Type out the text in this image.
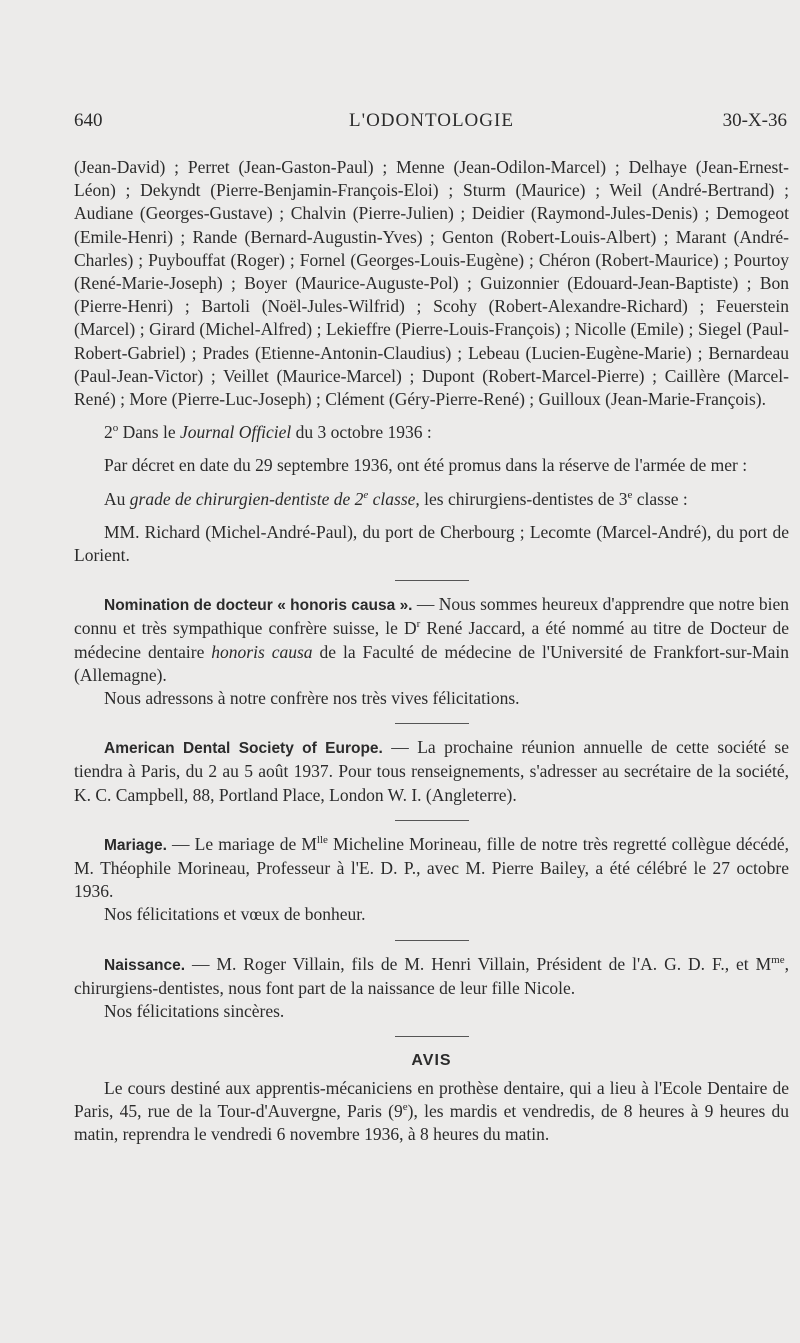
640	L'ODONTOLOGIE	30-X-36

(Jean-David) ; Perret (Jean-Gaston-Paul) ; Menne (Jean-Odilon-Marcel) ; Delhaye (Jean-Ernest-Léon) ; Dekyndt (Pierre-Benjamin-François-Eloi) ; Sturm (Maurice) ; Weil (André-Bertrand) ; Audiane (Georges-Gustave) ; Chalvin (Pierre-Julien) ; Deidier (Raymond-Jules-Denis) ; Demogeot (Emile-Henri) ; Rande (Bernard-Augustin-Yves) ; Genton (Robert-Louis-Albert) ; Marant (André-Charles) ; Puybouffat (Roger) ; Fornel (Georges-Louis-Eugène) ; Chéron (Robert-Maurice) ; Pourtoy (René-Marie-Joseph) ; Boyer (Maurice-Auguste-Pol) ; Guizonnier (Edouard-Jean-Baptiste) ; Bon (Pierre-Henri) ; Bartoli (Noël-Jules-Wilfrid) ; Scohy (Robert-Alexandre-Richard) ; Feuerstein (Marcel) ; Girard (Michel-Alfred) ; Lekieffre (Pierre-Louis-François) ; Nicolle (Emile) ; Siegel (Paul-Robert-Gabriel) ; Prades (Etienne-Antonin-Claudius) ; Lebeau (Lucien-Eugène-Marie) ; Bernardeau (Paul-Jean-Victor) ; Veillet (Maurice-Marcel) ; Dupont (Robert-Marcel-Pierre) ; Caillère (Marcel-René) ; More (Pierre-Luc-Joseph) ; Clément (Géry-Pierre-René) ; Guilloux (Jean-Marie-François).

2$^o$ Dans le Journal Officiel du 3 octobre 1936 :

Par décret en date du 29 septembre 1936, ont été promus dans la réserve de l'armée de mer :

Au grade de chirurgien-dentiste de 2e classe, les chirurgiens-dentistes de 3e classe :

MM. Richard (Michel-André-Paul), du port de Cherbourg ; Lecomte (Marcel-André), du port de Lorient.

Nomination de docteur « honoris causa ». — Nous sommes heureux d'apprendre que notre bien connu et très sympathique confrère suisse, le $D^r$ René Jaccard, a été nommé au titre de Docteur de médecine dentaire honoris causa de la Faculté de médecine de l'Université de Frankfort-sur-Main (Allemagne).

Nous adressons à notre confrère nos très vives félicitations.

American Dental Society of Europe. — La prochaine réunion annuelle de cette société se tiendra à Paris, du 2 au 5 août 1937. Pour tous renseignements, s'adresser au secrétaire de la société, K. C. Campbell, 88, Portland Place, London W. I. (Angleterre).

Mariage. — Le mariage de $M^{lle}$ Micheline Morineau, fille de notre très regretté collègue décédé, M. Théophile Morineau, Professeur à l'E. D. P., avec M. Pierre Bailey, a été célébré le 27 octobre 1936.

Nos félicitations et vœux de bonheur.

Naissance. — M. Roger Villain, fils de M. Henri Villain, Président de l'A. G. D. F., et $M^{me}$, chirurgiens-dentistes, nous font part de la naissance de leur fille Nicole.

Nos félicitations sincères.

AVIS

Le cours destiné aux apprentis-mécaniciens en prothèse dentaire, qui a lieu à l'Ecole Dentaire de Paris, 45, rue de la Tour-d'Auvergne, Paris (9e), les mardis et vendredis, de 8 heures à 9 heures du matin, reprendra le vendredi 6 novembre 1936, à 8 heures du matin.
